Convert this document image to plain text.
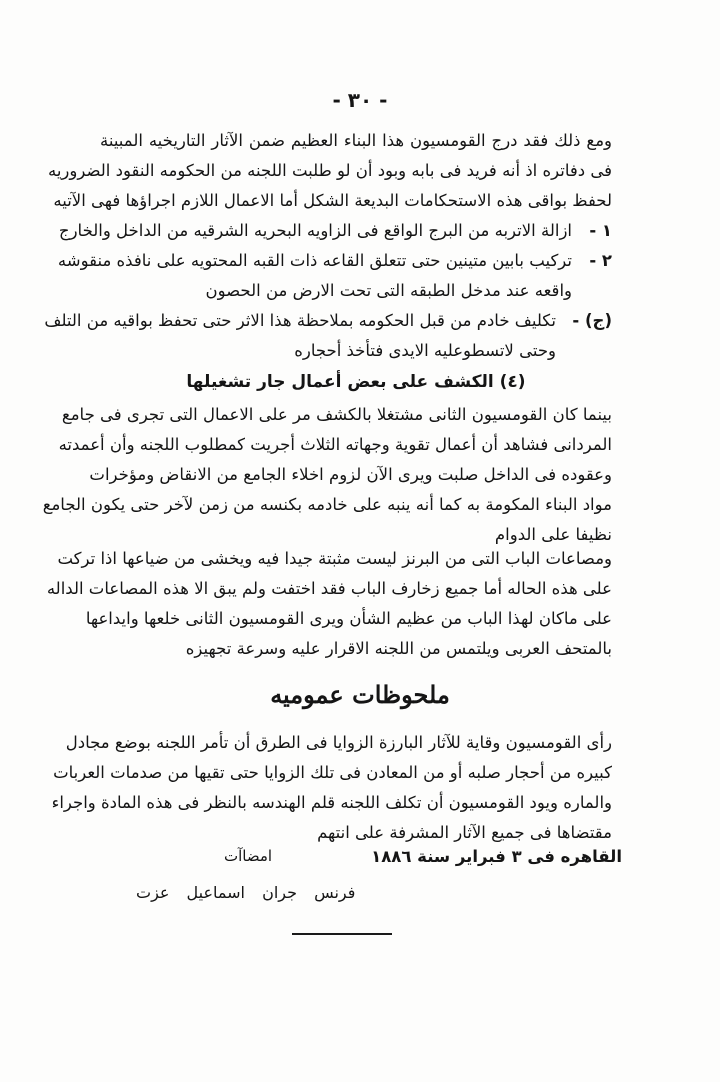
- ٣٠ -
ومع ذلك فقد درج القومسيون هذا البناء العظيم ضمن الآثار التاريخيه المبينة
فى دفاتره اذ أنه فريد فى بابه وبود أن لو طلبت اللجنه من الحكومه النقود الضروريه
لحفظ بواقى هذه الاستحكامات البديعة الشكل أما الاعمال اللازم اجراؤها فهى الآتيه
١ -
ازالة الاتربه من البرج الواقع فى الزاويه البحريه الشرقيه من الداخل والخارج
٢ -
تركيب بابين متينين حتى تتعلق القاعه ذات القبه المحتويه على نافذه منقوشه
واقعه عند مدخل الطبقه التى تحت الارض من الحصون
(ج) -
تكليف خادم من قبل الحكومه بملاحظة هذا الاثر حتى تحفظ بواقيه من التلف
وحتى لاتسطوعليه الايدى فتأخذ أحجاره
(٤) الكشف على بعض أعمال جار تشغيلها
بينما كان القومسيون الثانى مشتغلا بالكشف مر على الاعمال التى تجرى فى جامع
المردانى فشاهد أن أعمال تقوية وجهاته الثلاث أجريت كمطلوب اللجنه وأن أعمدته
وعقوده فى الداخل صلبت ويرى الآن لزوم اخلاء الجامع من الانقاض ومؤخرات
مواد البناء المكومة به كما أنه ينبه على خادمه بكنسه من زمن لآخر حتى يكون الجامع
نظيفا على الدوام
ومصاعات الباب التى من البرنز ليست مثبتة جيدا فيه ويخشى من ضياعها اذا تركت
على هذه الحاله أما جميع زخارف الباب فقد اختفت ولم يبق الا هذه المصاعات الداله
على ماكان لهذا الباب من عظيم الشأن ويرى القومسيون الثانى خلعها وايداعها
بالمتحف العربى ويلتمس من اللجنه الاقرار عليه وسرعة تجهيزه
ملحوظات عموميه
رأى القومسيون وقاية للآثار البارزة الزوايا فى الطرق أن تأمر اللجنه بوضع مجادل
كبيره من أحجار صلبه أو من المعادن فى تلك الزوايا حتى تقيها من صدمات العربات
والماره ويود القومسيون أن تكلف اللجنه قلم الهندسه بالنظر فى هذه المادة واجراء
مقتضاها فى جميع الآثار المشرفة على انتهم
القاهره فى ٣ فبراير سنة ١٨٨٦
امضاآت
فرنس جران اسماعيل عزت
